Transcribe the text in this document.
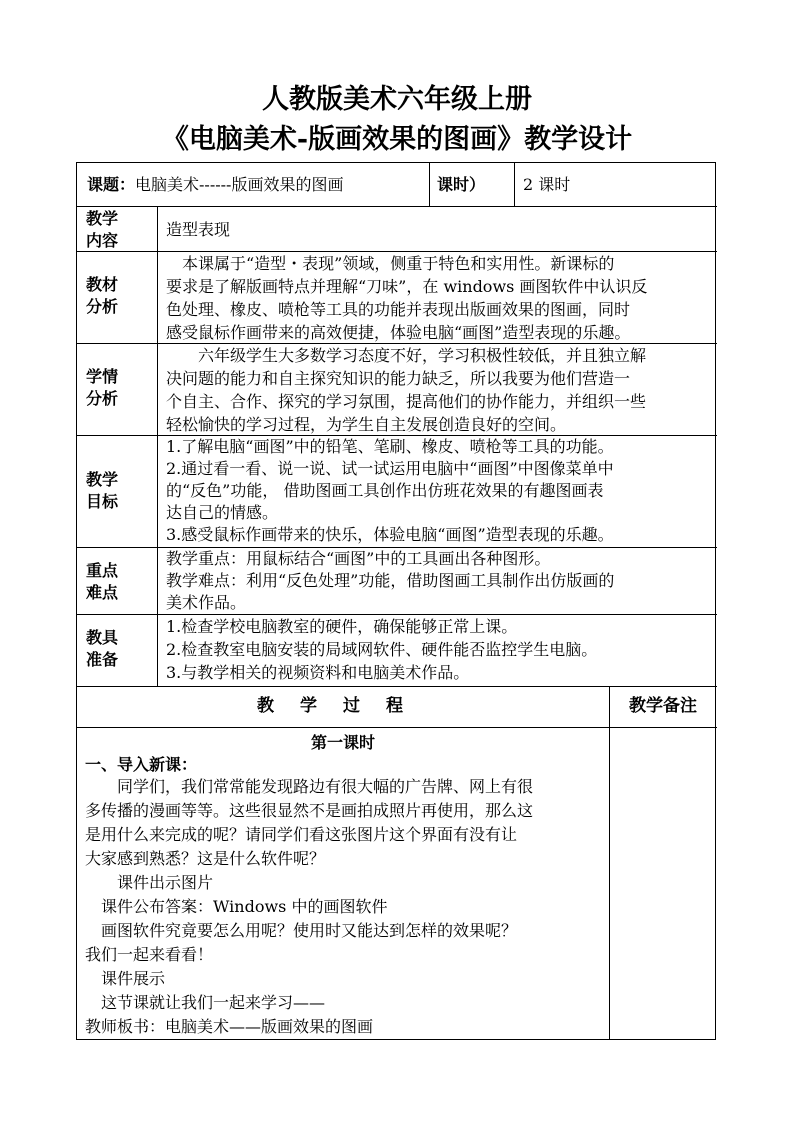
人教版美术六年级上册
《电脑美术-版画效果的图画》教学设计
课题：电脑美术------版画效果的图画	课时） 2 课时
教学
内容
造型表现
教材
分析
　本课属于“造型・表现”领域，侧重于特色和实用性。新课标的
要求是了解版画特点并理解“刀味”，在 windows 画图软件中认识反
色处理、橡皮、喷枪等工具的功能并表现出版画效果的图画，同时
感受鼠标作画带来的高效便捷，体验电脑“画图”造型表现的乐趣。
学情
分析
　　六年级学生大多数学习态度不好，学习积极性较低，并且独立解
决问题的能力和自主探究知识的能力缺乏，所以我要为他们营造一
个自主、合作、探究的学习氛围，提高他们的协作能力，并组织一些
轻松愉快的学习过程，为学生自主发展创造良好的空间。
教学
目标
1.了解电脑“画图”中的铅笔、笔刷、橡皮、喷枪等工具的功能。
2.通过看一看、说一说、试一试运用电脑中“画图”中图像菜单中
的“反色”功能， 借助图画工具创作出仿班花效果的有趣图画表
达自己的情感。
3.感受鼠标作画带来的快乐，体验电脑“画图”造型表现的乐趣。
重点
难点
教学重点：用鼠标结合“画图”中的工具画出各种图形。
教学难点：利用“反色处理”功能，借助图画工具制作出仿版画的
美术作品。
教具
准备
1.检查学校电脑教室的硬件，确保能够正常上课。
2.检查教室电脑安装的局域网软件、硬件能否监控学生电脑。
3.与教学相关的视频资料和电脑美术作品。
教学过程	教学备注
第一课时
一、导入新课：
　　同学们，我们常常能发现路边有很大幅的广告牌、网上有很
多传播的漫画等等。这些很显然不是画拍成照片再使用，那么这
是用什么来完成的呢？请同学们看这张图片这个界面有没有让
大家感到熟悉？这是什么软件呢？
　　课件出示图片
　课件公布答案：Windows 中的画图软件
　画图软件究竟要怎么用呢？使用时又能达到怎样的效果呢？
我们一起来看看！
　课件展示
　这节课就让我们一起来学习——
教师板书：电脑美术——版画效果的图画
